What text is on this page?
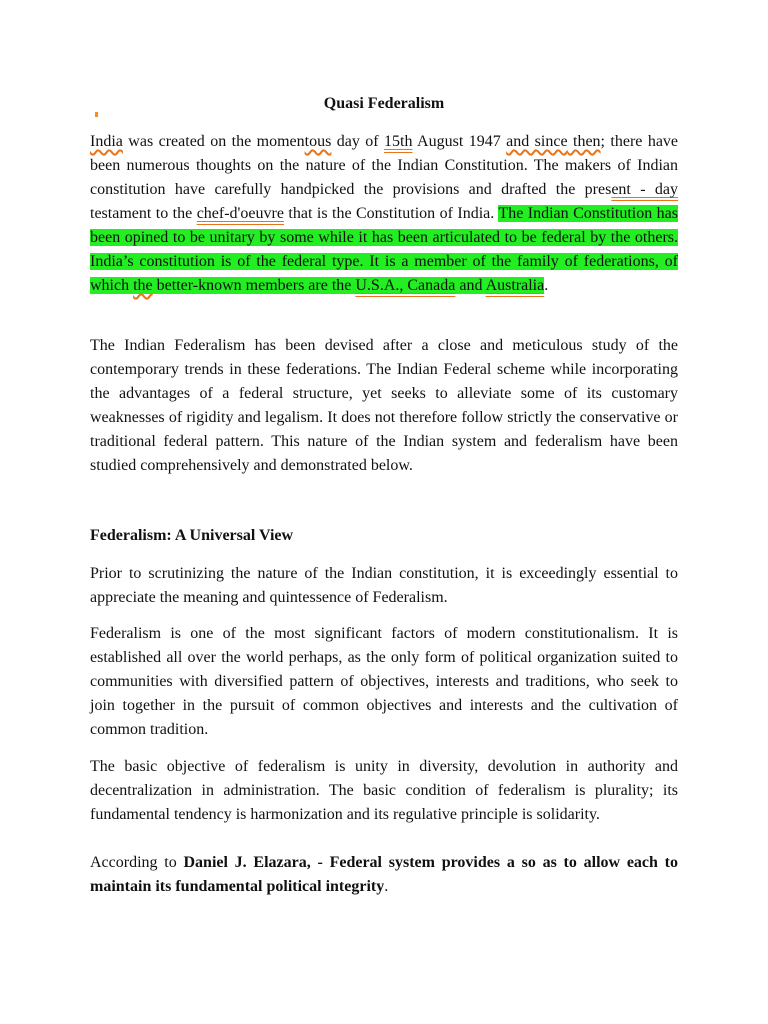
Quasi Federalism

India was created on the momentous day of 15th August 1947 and since then; there have been numerous thoughts on the nature of the Indian Constitution. The makers of Indian constitution have carefully handpicked the provisions and drafted the present - day testament to the chef-d'oeuvre that is the Constitution of India. The Indian Constitution has been opined to be unitary by some while it has been articulated to be federal by the others. India’s constitution is of the federal type. It is a member of the family of federations, of which the better-known members are the U.S.A., Canada and Australia.

The Indian Federalism has been devised after a close and meticulous study of the contemporary trends in these federations. The Indian Federal scheme while incorporating the advantages of a federal structure, yet seeks to alleviate some of its customary weaknesses of rigidity and legalism. It does not therefore follow strictly the conservative or traditional federal pattern. This nature of the Indian system and federalism have been studied comprehensively and demonstrated below.

Federalism: A Universal View

Prior to scrutinizing the nature of the Indian constitution, it is exceedingly essential to appreciate the meaning and quintessence of Federalism.

Federalism is one of the most significant factors of modern constitutionalism. It is established all over the world perhaps, as the only form of political organization suited to communities with diversified pattern of objectives, interests and traditions, who seek to join together in the pursuit of common objectives and interests and the cultivation of common tradition.

The basic objective of federalism is unity in diversity, devolution in authority and decentralization in administration. The basic condition of federalism is plurality; its fundamental tendency is harmonization and its regulative principle is solidarity.

According to Daniel J. Elazara, - Federal system provides a so as to allow each to maintain its fundamental political integrity.
